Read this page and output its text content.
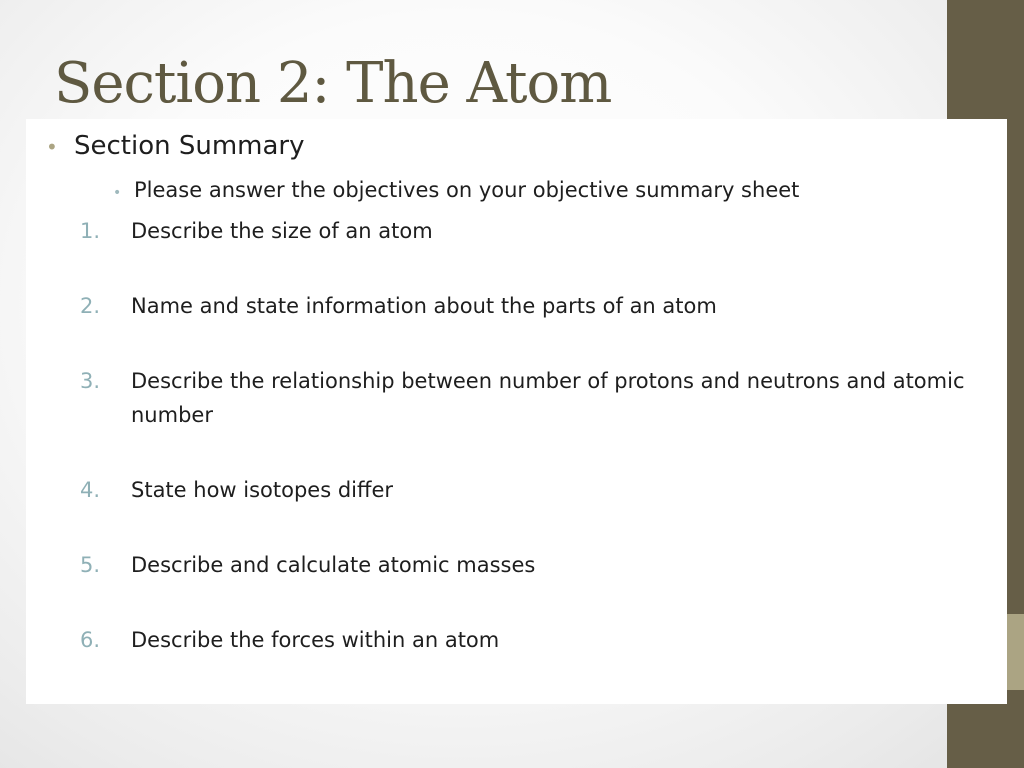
Section 2: The Atom
• Section Summary
• Please answer the objectives on your objective summary sheet
1.	Describe the size of an atom
2.	Name and state information about the parts of an atom
3.	Describe the relationship between number of protons and neutrons and atomic number
4.	State how isotopes differ
5.	Describe and calculate atomic masses
6.	Describe the forces within an atom
